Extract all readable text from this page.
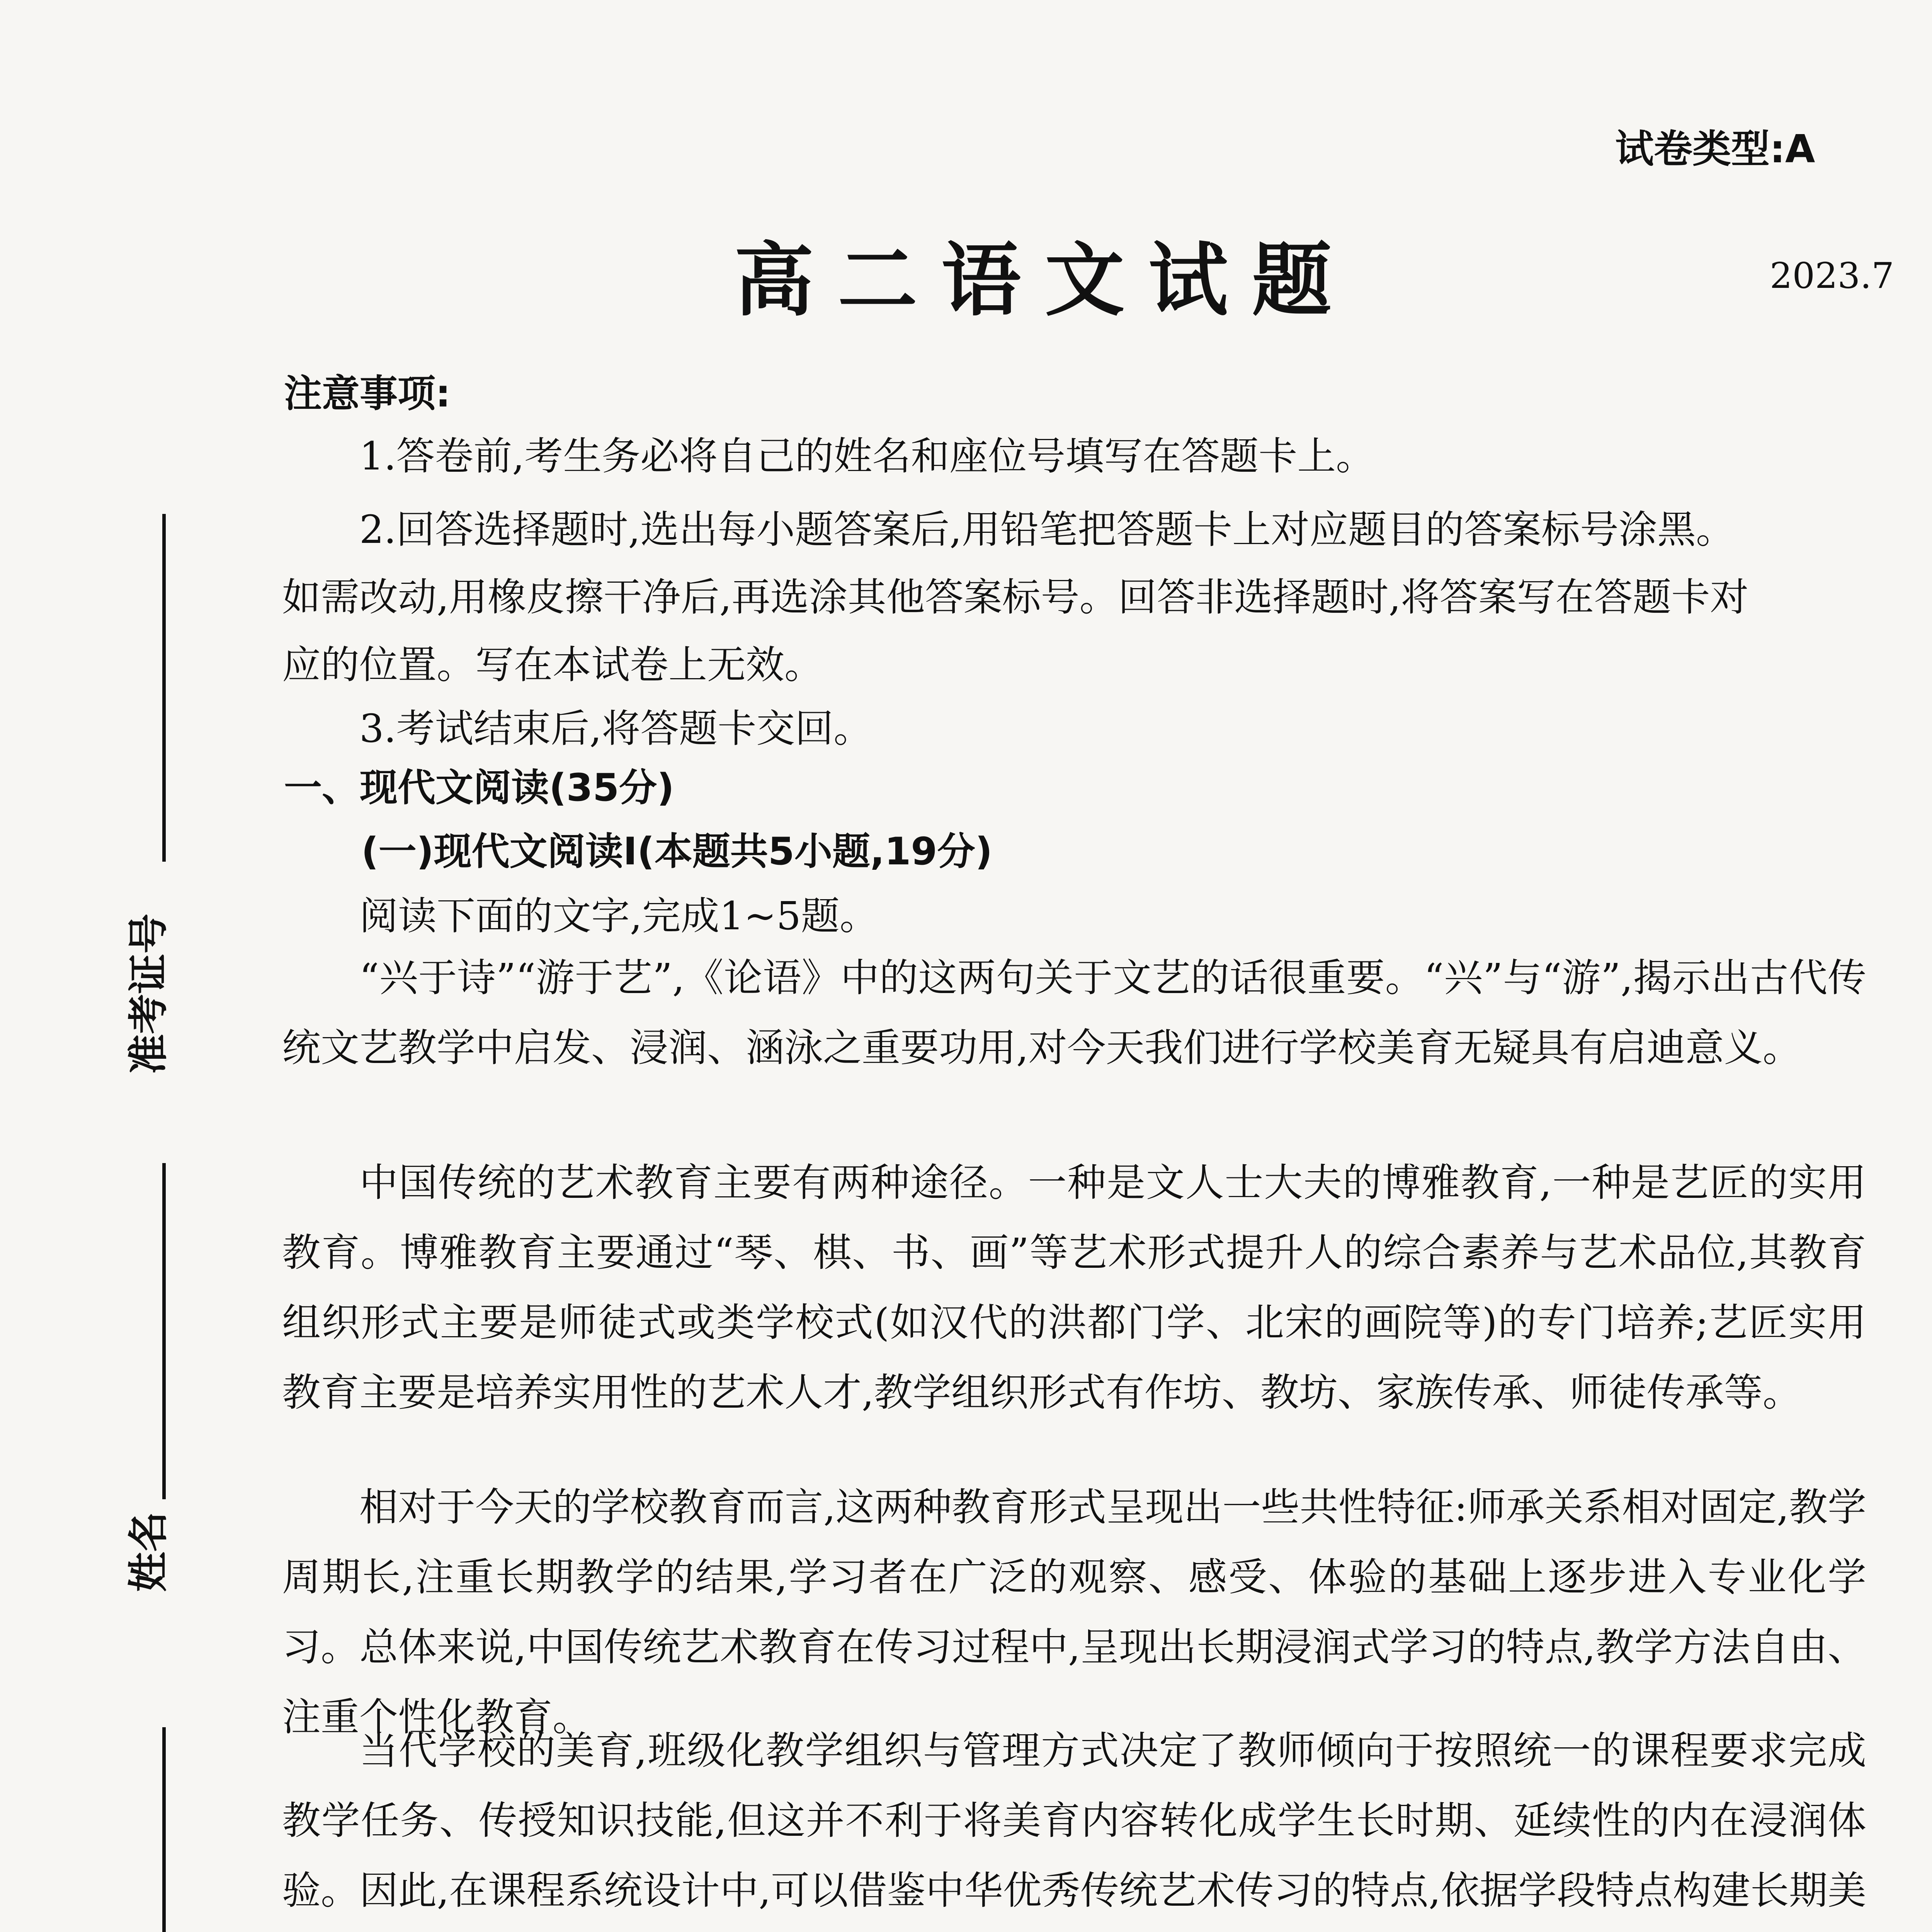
准考证号
姓名
试卷类型:A
高二语文试题	2023.7
注意事项:
1.答卷前,考生务必将自己的姓名和座位号填写在答题卡上。
2.回答选择题时,选出每小题答案后,用铅笔把答题卡上对应题目的答案标号涂黑。
如需改动,用橡皮擦干净后,再选涂其他答案标号。回答非选择题时,将答案写在答题卡对
应的位置。写在本试卷上无效。
3.考试结束后,将答题卡交回。
一、现代文阅读(35分)
(一)现代文阅读Ⅰ(本题共5小题,19分)
阅读下面的文字,完成1~5题。
“兴于诗”“游于艺”,《论语》中的这两句关于文艺的话很重要。“兴”与“游”,揭示出古代传统文艺教学中启发、浸润、涵泳之重要功用,对今天我们进行学校美育无疑具有启迪意义。
中国传统的艺术教育主要有两种途径。一种是文人士大夫的博雅教育,一种是艺匠的实用教育。博雅教育主要通过“琴、棋、书、画”等艺术形式提升人的综合素养与艺术品位,其教育组织形式主要是师徒式或类学校式(如汉代的洪都门学、北宋的画院等)的专门培养;艺匠实用教育主要是培养实用性的艺术人才,教学组织形式有作坊、教坊、家族传承、师徒传承等。
相对于今天的学校教育而言,这两种教育形式呈现出一些共性特征:师承关系相对固定,教学周期长,注重长期教学的结果,学习者在广泛的观察、感受、体验的基础上逐步进入专业化学习。总体来说,中国传统艺术教育在传习过程中,呈现出长期浸润式学习的特点,教学方法自由、注重个性化教育。
当代学校的美育,班级化教学组织与管理方式决定了教师倾向于按照统一的课程要求完成教学任务、传授知识技能,但这并不利于将美育内容转化成学生长时期、延续性的内在浸润体验。因此,在课程系统设计中,可以借鉴中华优秀传统艺术传习的特点,依据学段特点构建长期美
